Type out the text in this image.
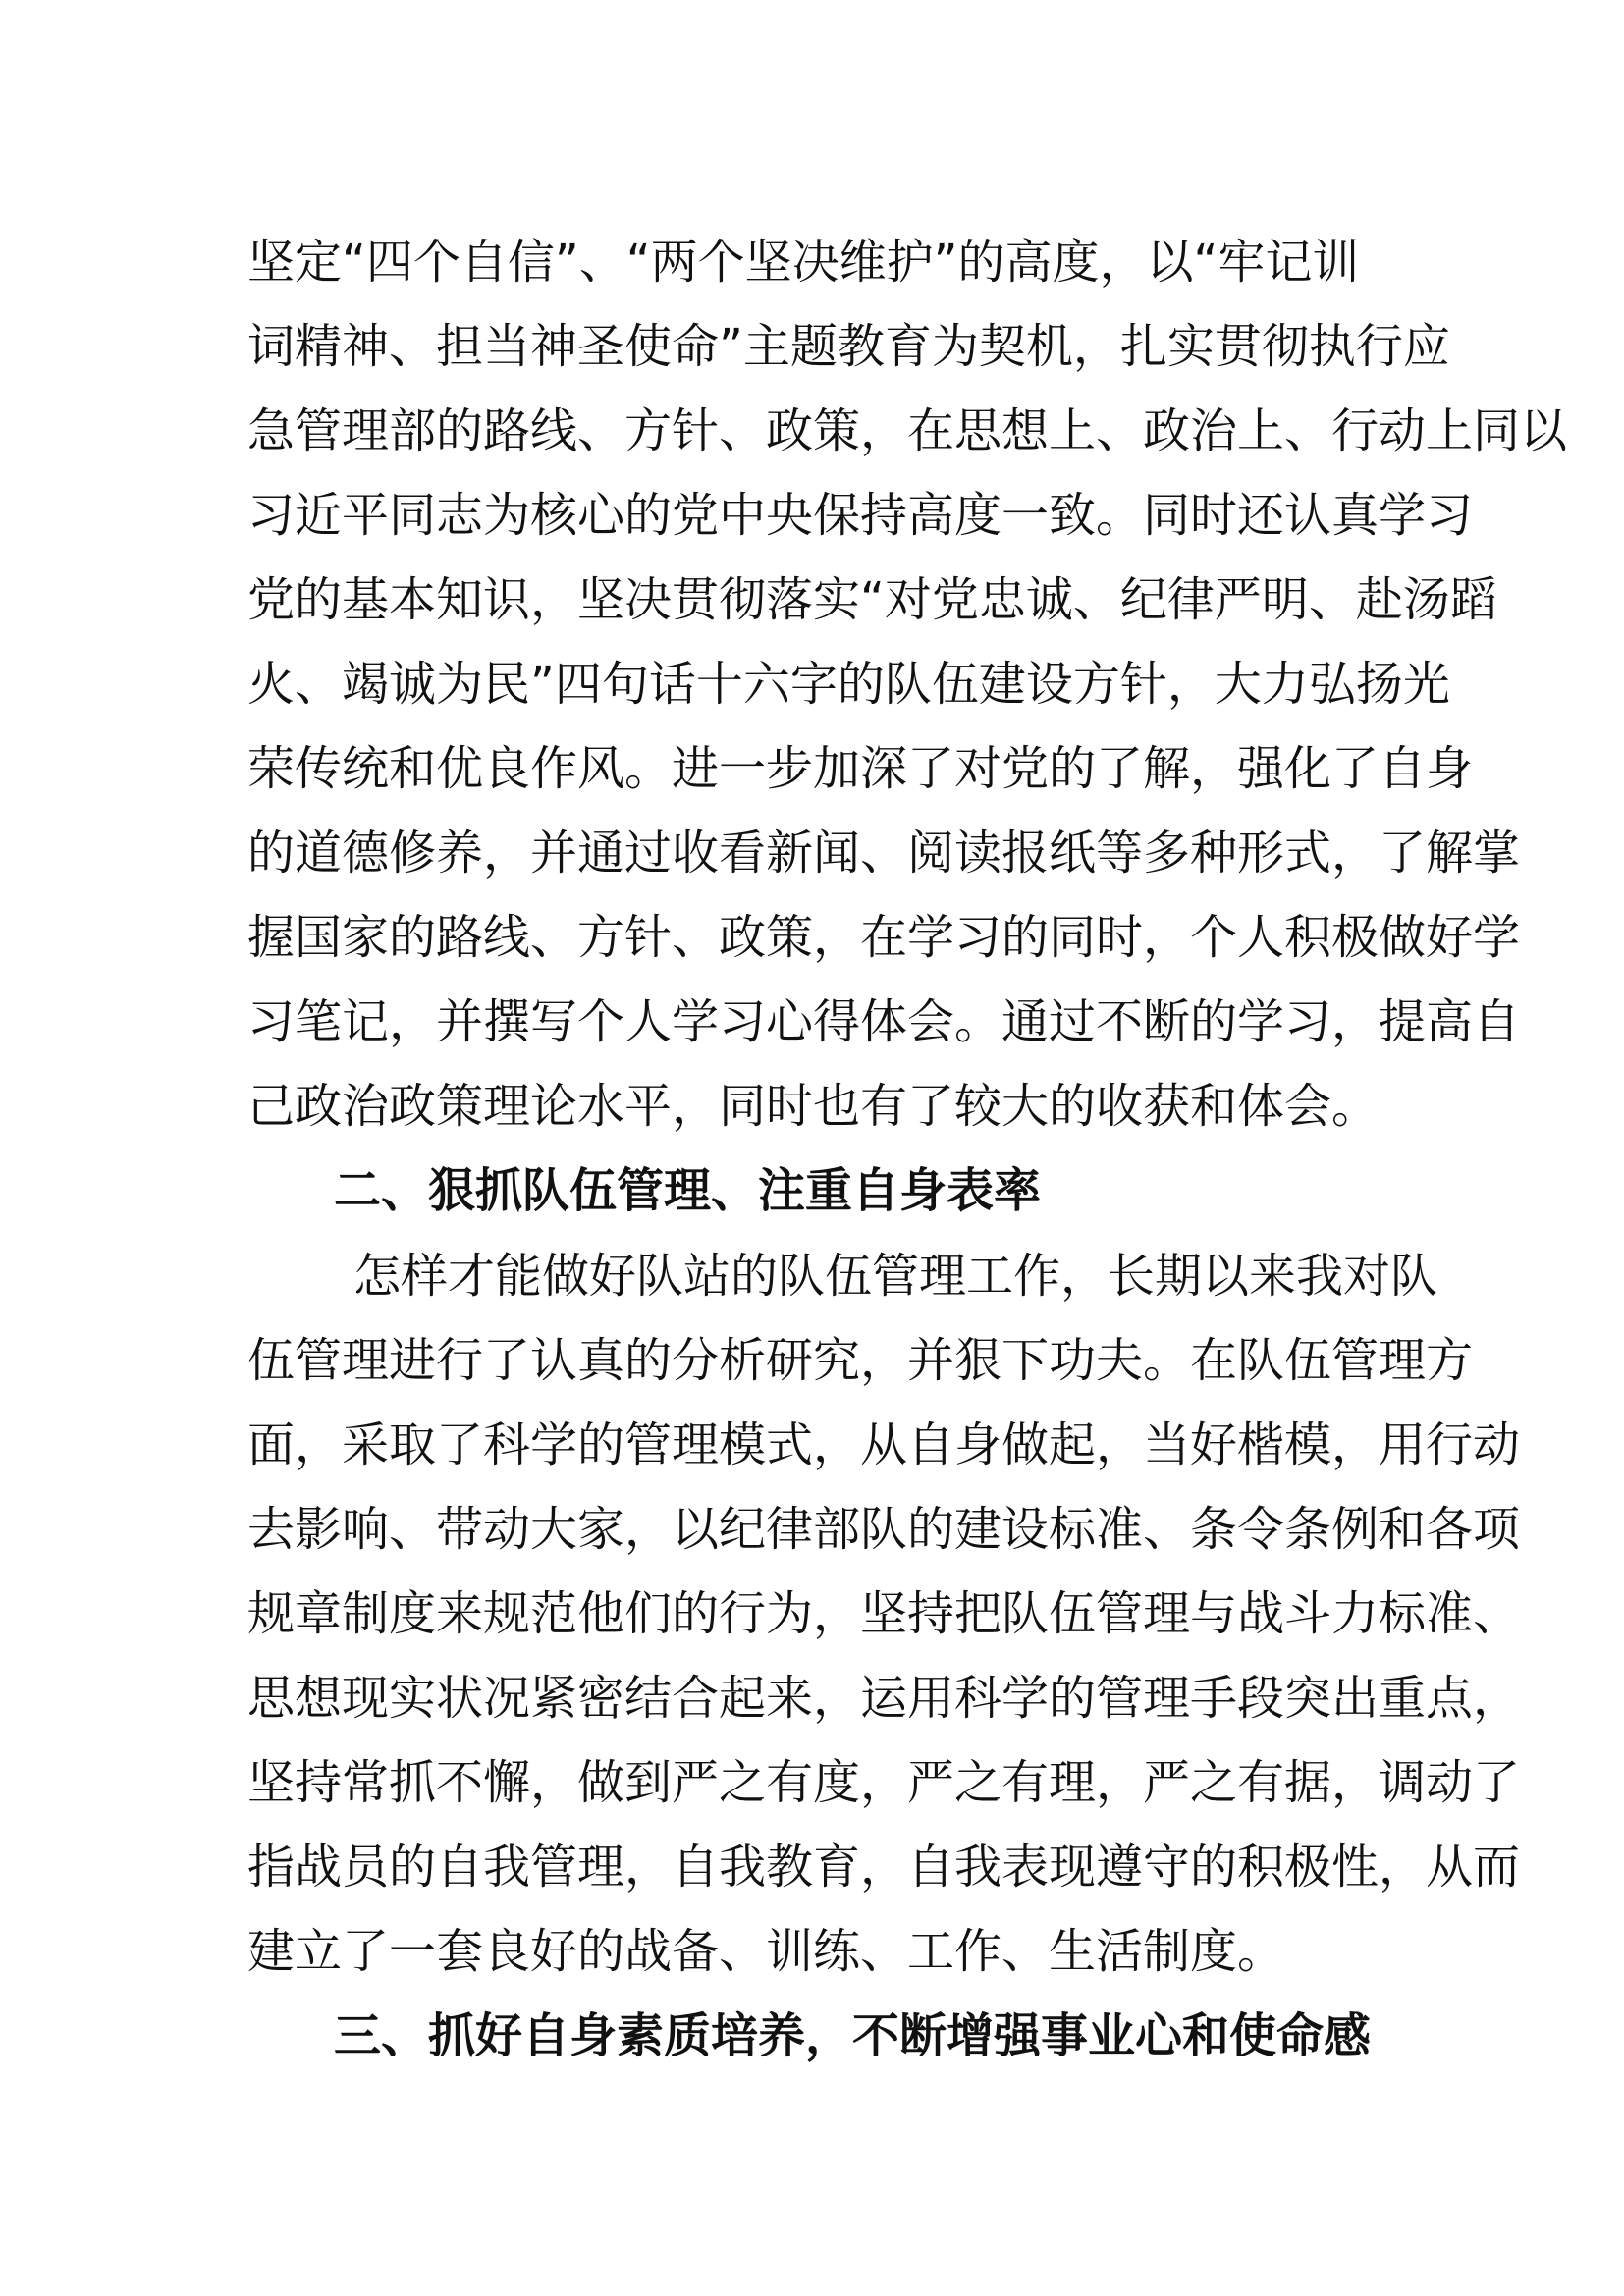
坚定“四个自信”、“两个坚决维护”的高度，以“牢记训
词精神、担当神圣使命”主题教育为契机，扎实贯彻执行应
急管理部的路线、方针、政策，在思想上、政治上、行动上同以
习近平同志为核心的党中央保持高度一致。同时还认真学习
党的基本知识，坚决贯彻落实“对党忠诚、纪律严明、赴汤蹈
火、竭诚为民”四句话十六字的队伍建设方针，大力弘扬光
荣传统和优良作风。进一步加深了对党的了解，强化了自身
的道德修养，并通过收看新闻、阅读报纸等多种形式，了解掌
握国家的路线、方针、政策，在学习的同时，个人积极做好学
习笔记，并撰写个人学习心得体会。通过不断的学习，提高自
己政治政策理论水平，同时也有了较大的收获和体会。
二、狠抓队伍管理、注重自身表率
怎样才能做好队站的队伍管理工作，长期以来我对队
伍管理进行了认真的分析研究，并狠下功夫。在队伍管理方
面，采取了科学的管理模式，从自身做起，当好楷模，用行动
去影响、带动大家，以纪律部队的建设标准、条令条例和各项
规章制度来规范他们的行为，坚持把队伍管理与战斗力标准、
思想现实状况紧密结合起来，运用科学的管理手段突出重点，
坚持常抓不懈，做到严之有度，严之有理，严之有据，调动了
指战员的自我管理，自我教育，自我表现遵守的积极性，从而
建立了一套良好的战备、训练、工作、生活制度。
三、抓好自身素质培养，不断增强事业心和使命感
